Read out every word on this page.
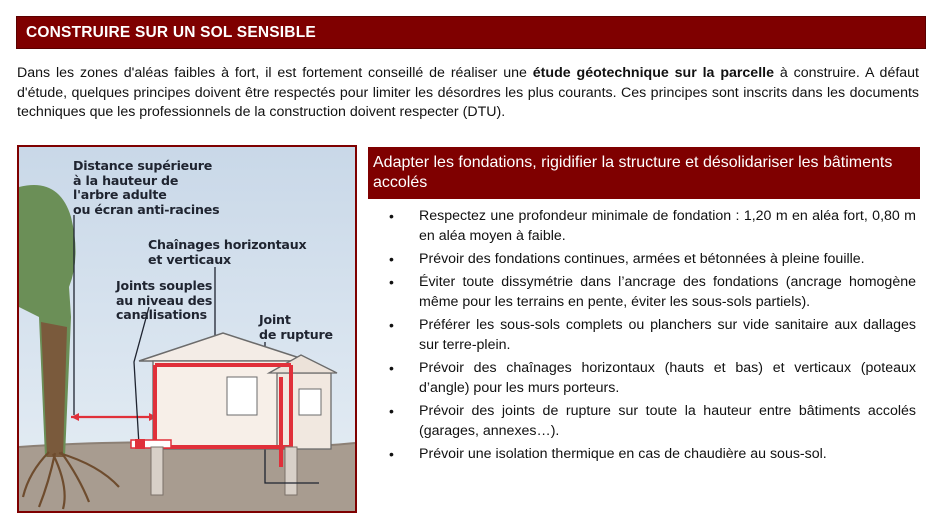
CONSTRUIRE SUR UN SOL SENSIBLE

Dans les zones d'aléas faibles à fort, il est fortement conseillé de réaliser une étude géotechnique sur la parcelle à construire. A défaut d'étude, quelques principes doivent être respectés pour limiter les désordres les plus courants. Ces principes sont inscrits dans les documents techniques que les professionnels de la construction doivent respecter (DTU).

Distance supérieure
à la hauteur de
l'arbre adulte
ou écran anti-racines
Chaînages horizontaux
et verticaux
Joints souples
au niveau des
canalisations	Joint
de rupture
Adapter les fondations, rigidifier la structure et désolidariser les bâtiments accolés
• Respectez une profondeur minimale de fondation : 1,20 m en aléa fort, 0,80 m en aléa moyen à faible.
• Prévoir des fondations continues, armées et bétonnées à pleine fouille.
• Éviter toute dissymétrie dans l’ancrage des fondations (ancrage homogène même pour les terrains en pente, éviter les sous-sols partiels).
• Préférer les sous-sols complets ou planchers sur vide sanitaire aux dallages sur terre-plein.
• Prévoir des chaînages horizontaux (hauts et bas) et verticaux (poteaux d’angle) pour les murs porteurs.
• Prévoir des joints de rupture sur toute la hauteur entre bâtiments accolés (garages, annexes…).
• Prévoir une isolation thermique en cas de chaudière au sous-sol.
